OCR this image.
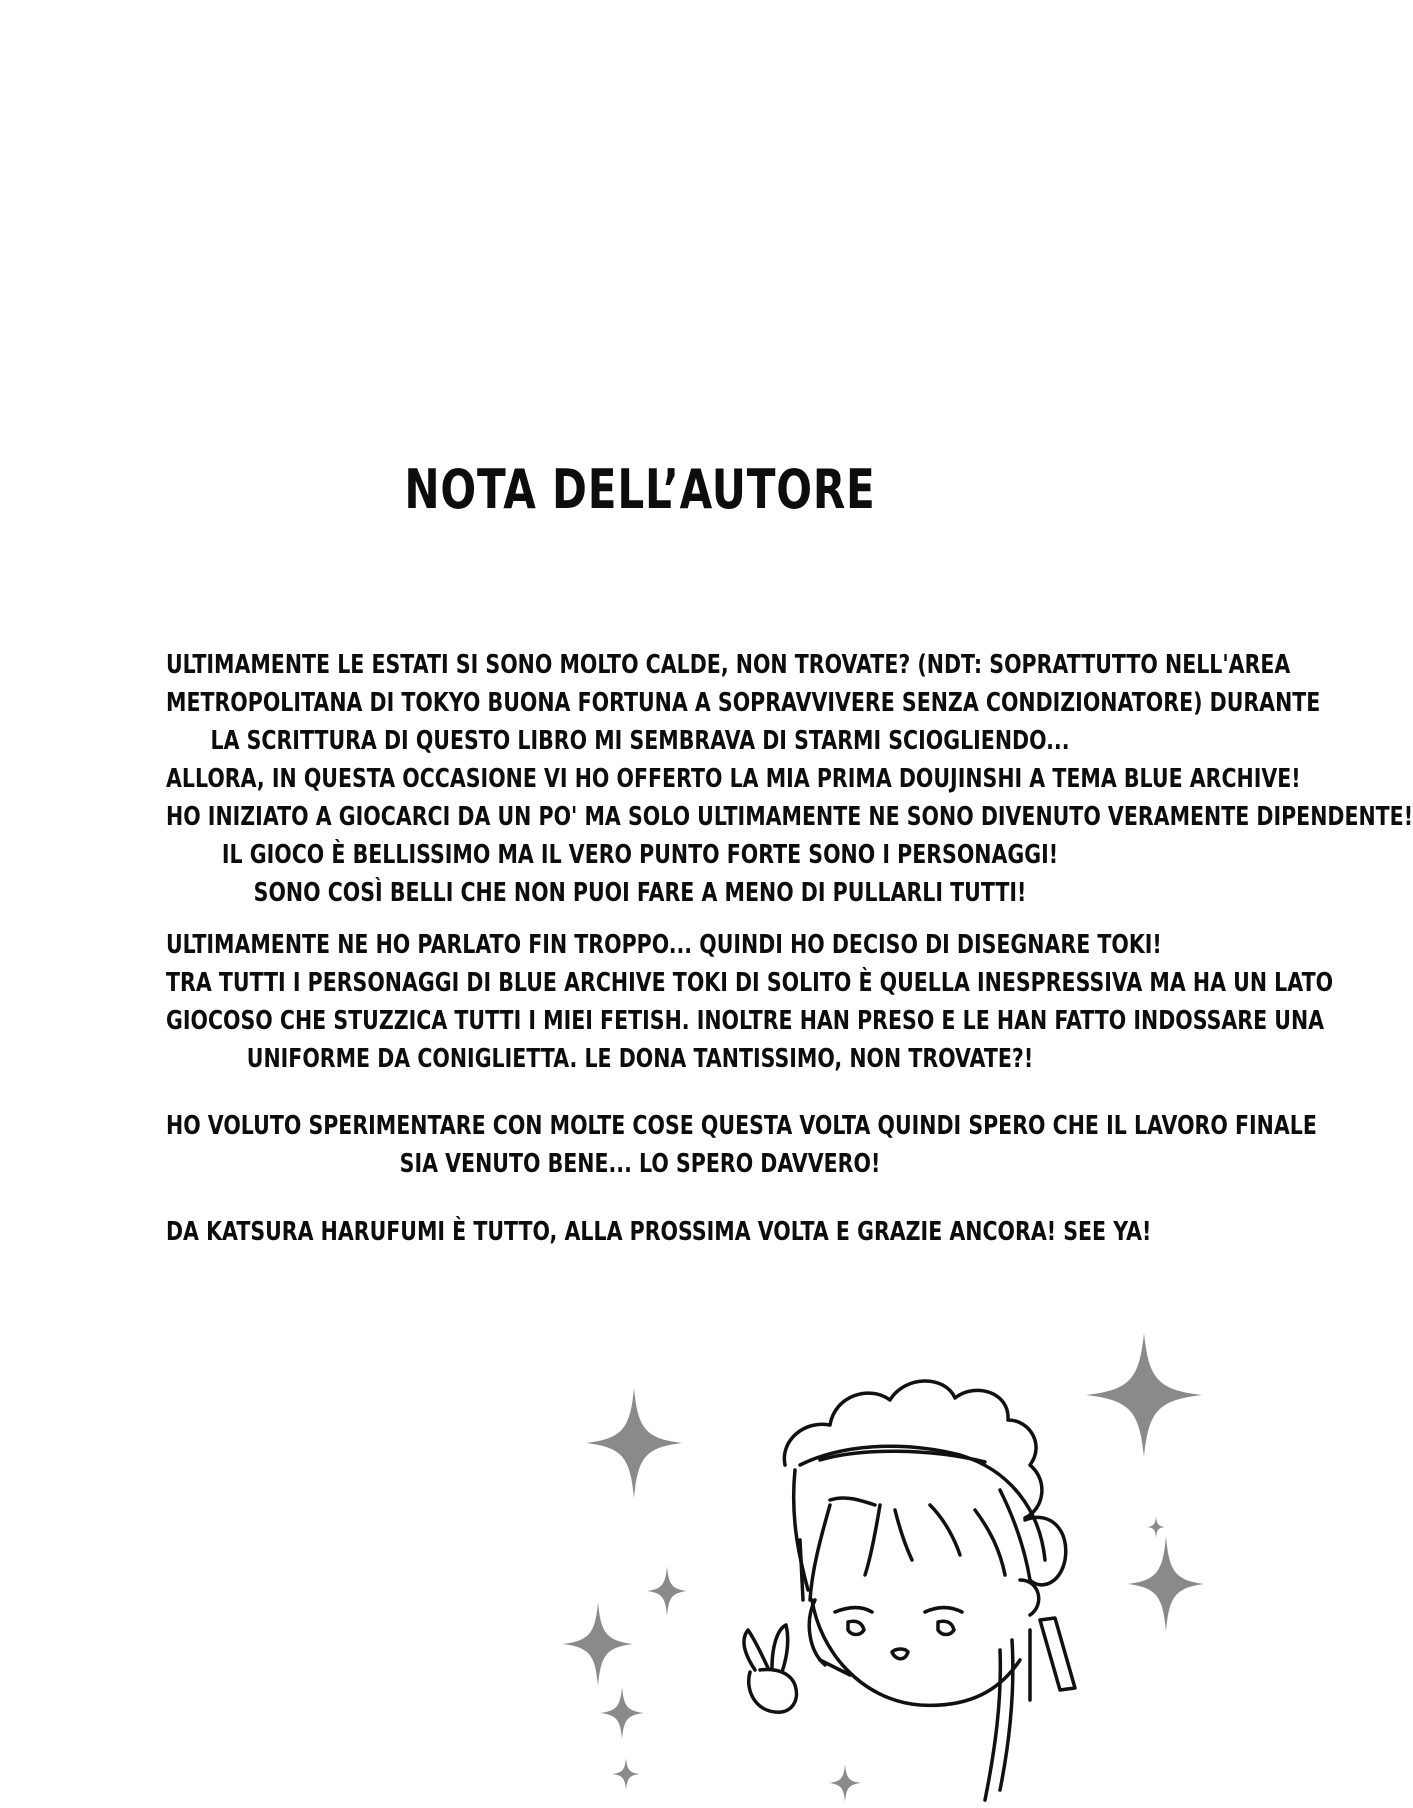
NOTA DELL’AUTORE
ULTIMAMENTE LE ESTATI SI SONO MOLTO CALDE, NON TROVATE? (NDT: SOPRATTUTTO NELL'AREA
METROPOLITANA DI TOKYO BUONA FORTUNA A SOPRAVVIVERE SENZA CONDIZIONATORE) DURANTE
LA SCRITTURA DI QUESTO LIBRO MI SEMBRAVA DI STARMI SCIOGLIENDO...
ALLORA, IN QUESTA OCCASIONE VI HO OFFERTO LA MIA PRIMA DOUJINSHI A TEMA BLUE ARCHIVE!
HO INIZIATO A GIOCARCI DA UN PO' MA SOLO ULTIMAMENTE NE SONO DIVENUTO VERAMENTE DIPENDENTE!
IL GIOCO È BELLISSIMO MA IL VERO PUNTO FORTE SONO I PERSONAGGI!
SONO COSÌ BELLI CHE NON PUOI FARE A MENO DI PULLARLI TUTTI!
ULTIMAMENTE NE HO PARLATO FIN TROPPO... QUINDI HO DECISO DI DISEGNARE TOKI!
TRA TUTTI I PERSONAGGI DI BLUE ARCHIVE TOKI DI SOLITO È QUELLA INESPRESSIVA MA HA UN LATO
GIOCOSO CHE STUZZICA TUTTI I MIEI FETISH. INOLTRE HAN PRESO E LE HAN FATTO INDOSSARE UNA
UNIFORME DA CONIGLIETTA. LE DONA TANTISSIMO, NON TROVATE?!
HO VOLUTO SPERIMENTARE CON MOLTE COSE QUESTA VOLTA QUINDI SPERO CHE IL LAVORO FINALE
SIA VENUTO BENE... LO SPERO DAVVERO!
DA KATSURA HARUFUMI È TUTTO, ALLA PROSSIMA VOLTA E GRAZIE ANCORA! SEE YA!
